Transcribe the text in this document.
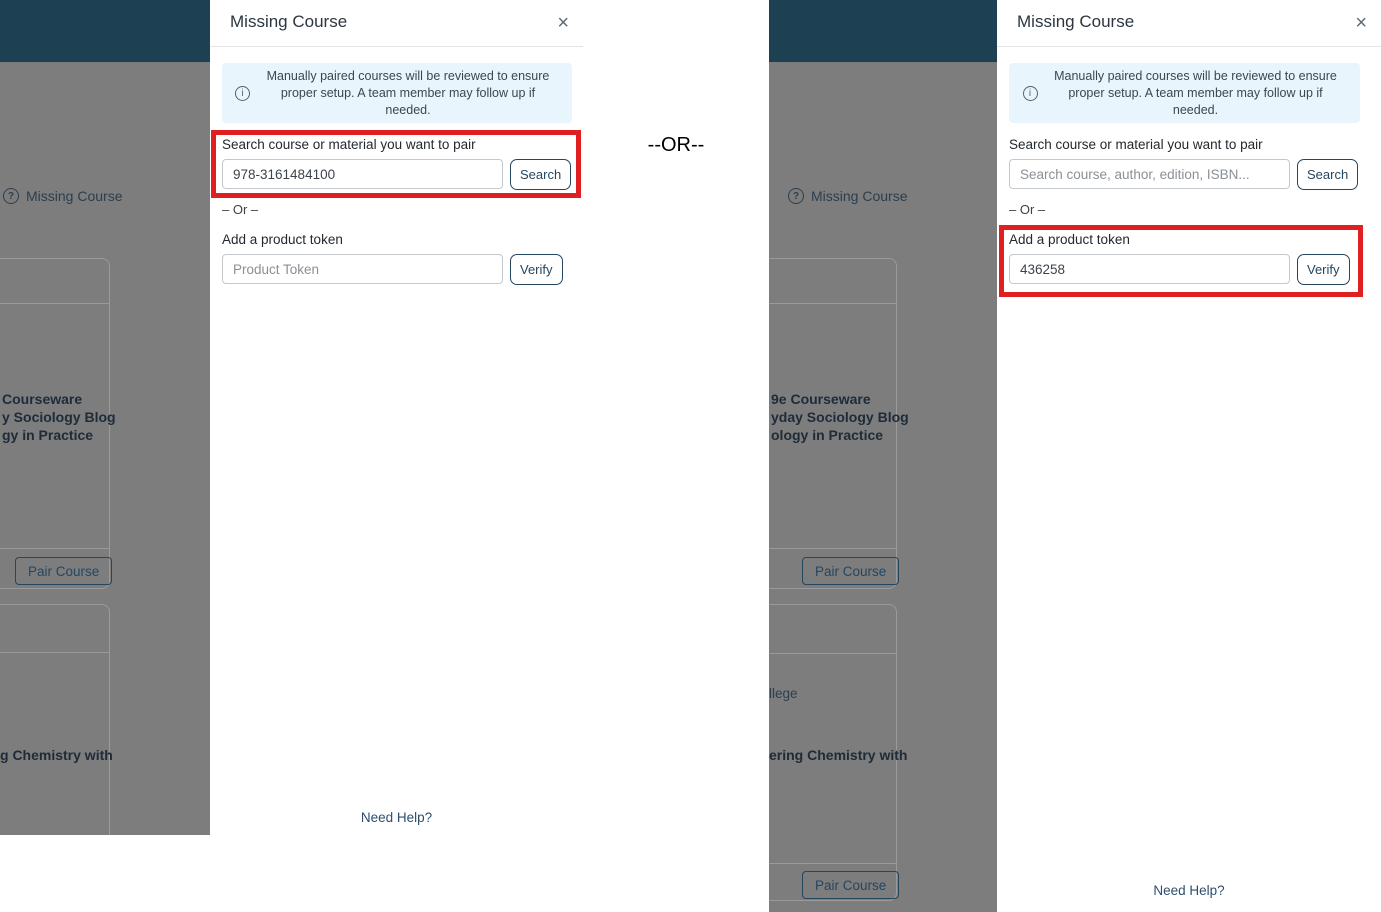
? Missing Course
Courseware
y Sociology Blog
gy in Practice
Pair Course
g Chemistry with
Missing Course	×
i
Manually paired courses will be reviewed to ensure proper setup. A team member may follow up if needed.
Search course or material you want to pair
978-3161484100
Search
– Or –
Add a product token
Product Token
Verify
Need Help?
--OR--
? Missing Course
9e Courseware
yday Sociology Blog
ology in Practice
Pair Course
llege
ering Chemistry with
Pair Course
Missing Course	×
i
Manually paired courses will be reviewed to ensure proper setup. A team member may follow up if needed.
Search course or material you want to pair
Search course, author, edition, ISBN...
Search
– Or –
Add a product token
436258
Verify
Need Help?
